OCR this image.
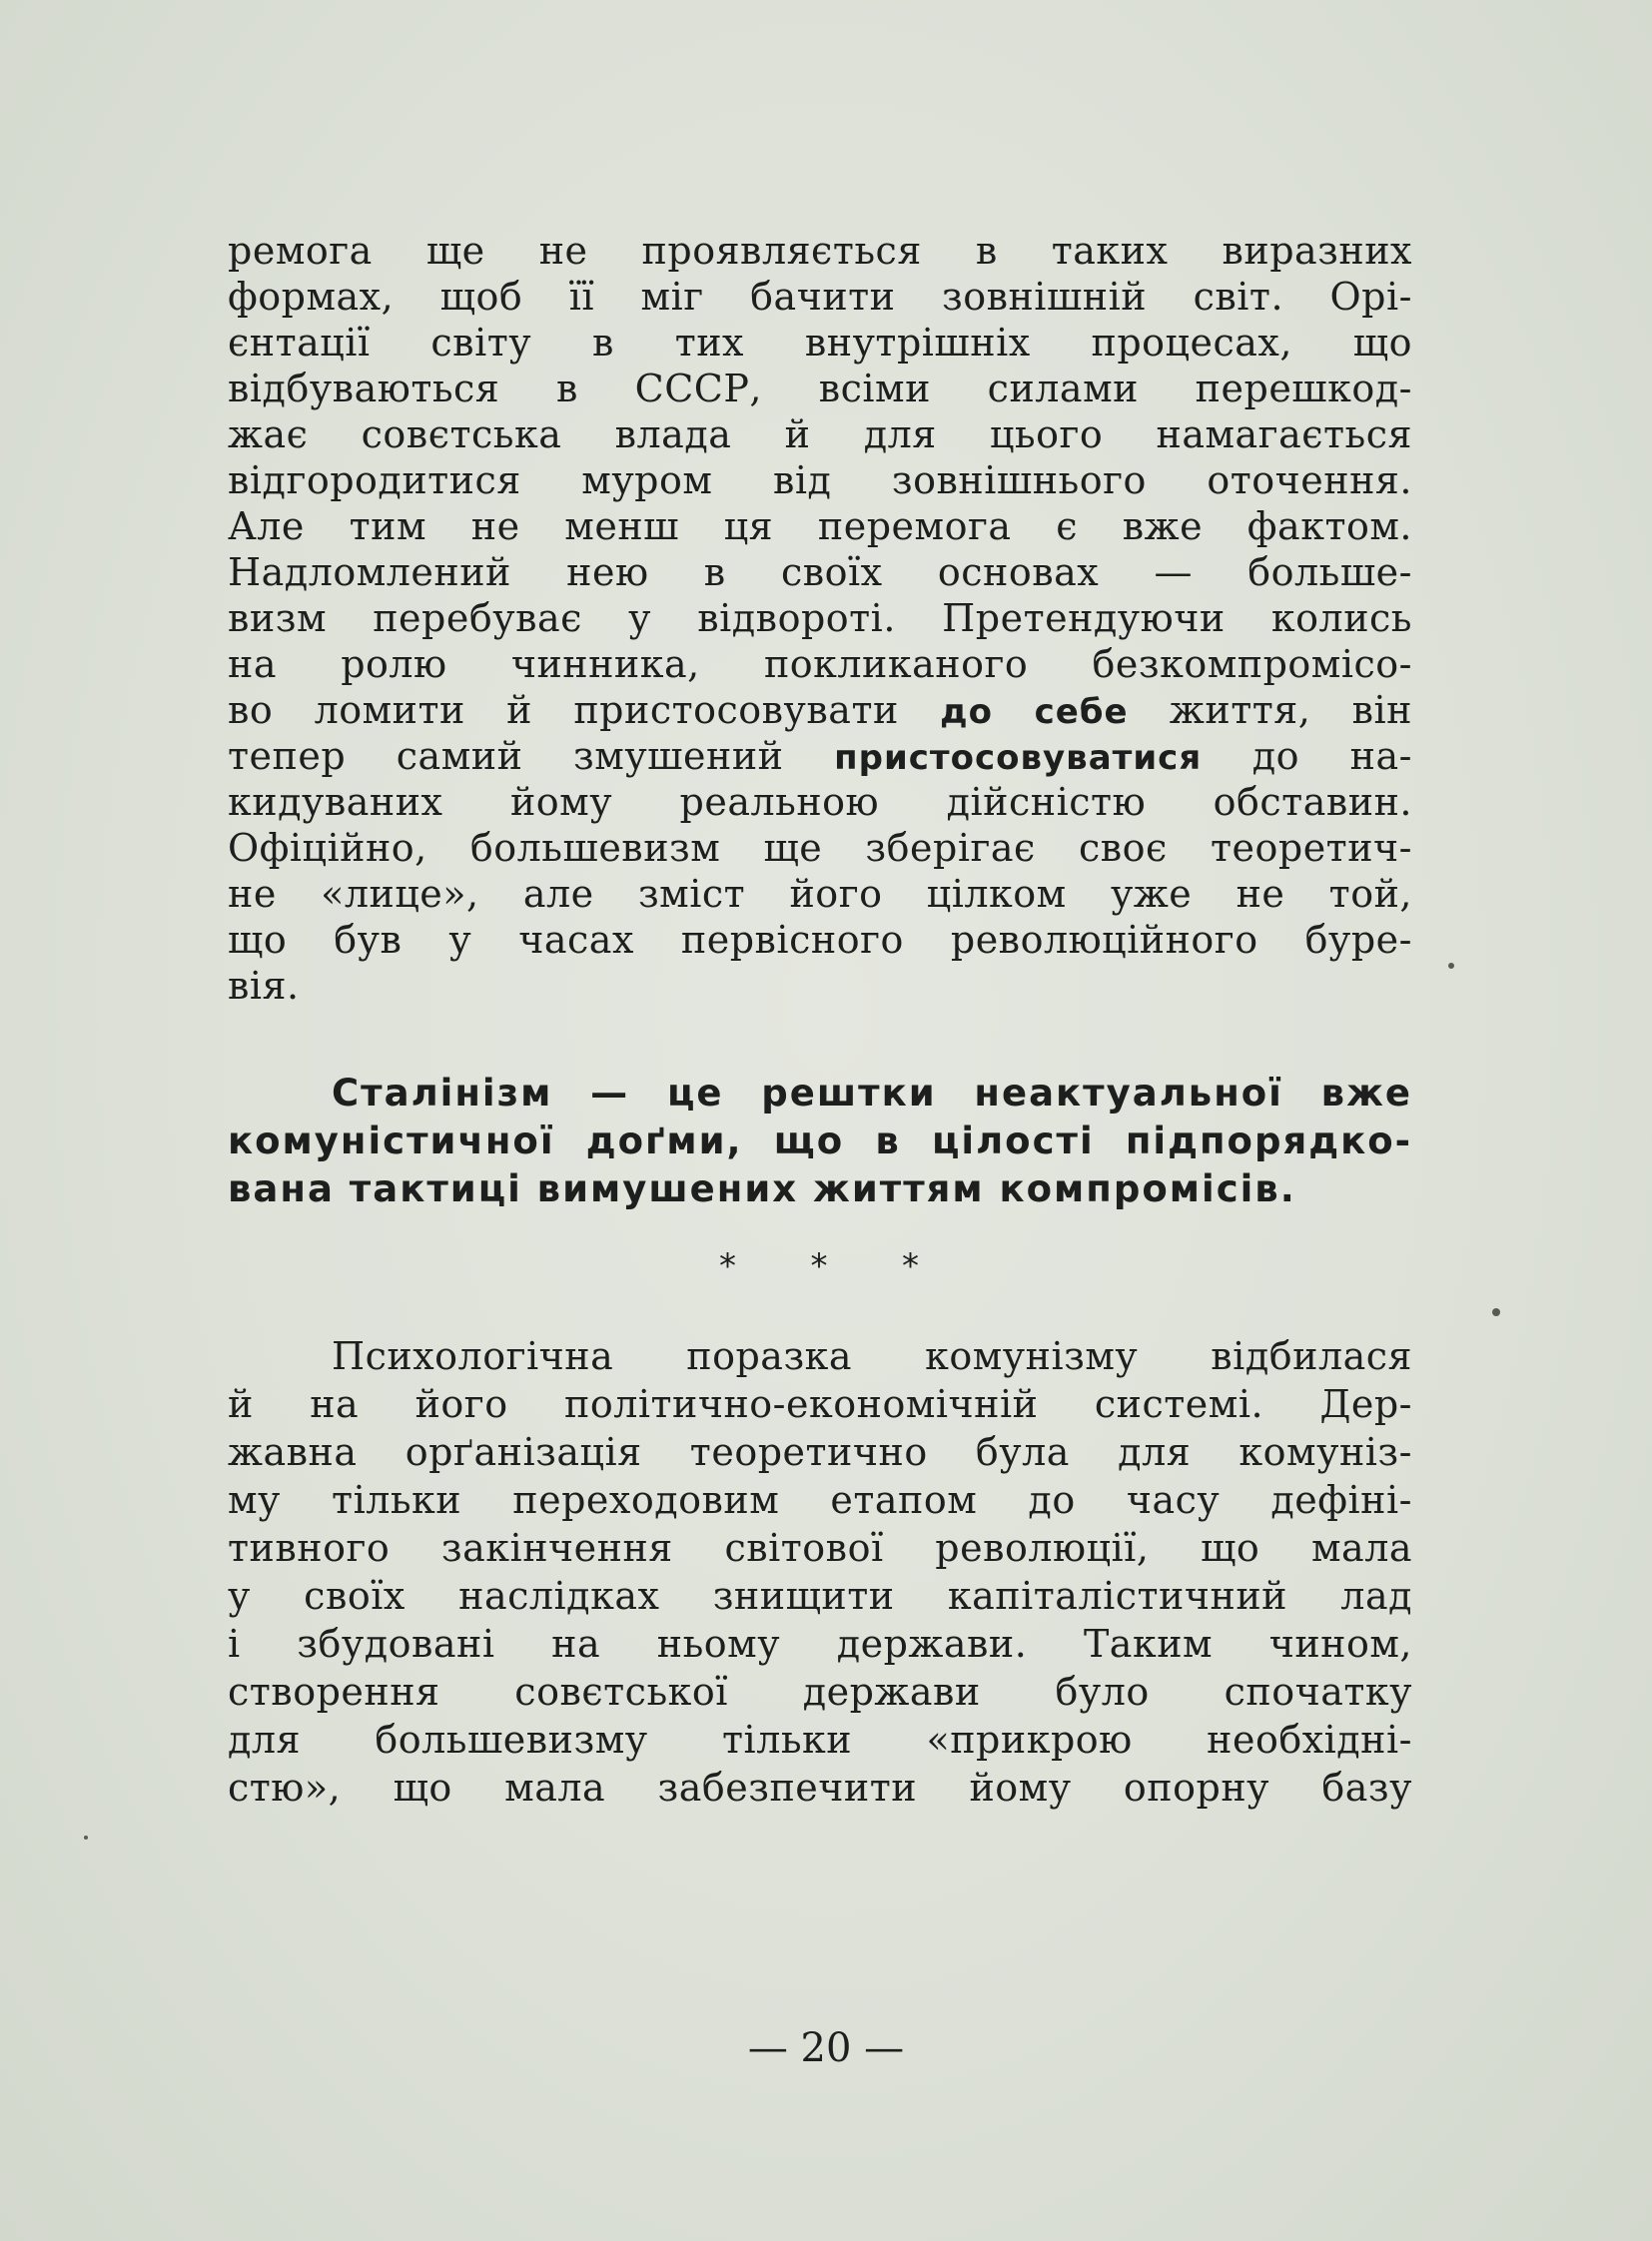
ремога ще не проявляється в таких виразних
формах, щоб її міг бачити зовнішній світ. Орі-
єнтації світу в тих внутрішніх процесах, що
відбуваються в СССР, всіми силами перешкод-
жає совєтська влада й для цього намагається
відгородитися муром від зовнішнього оточення.
Але тим не менш ця перемога є вже фактом.
Надломлений нею в своїх основах — больше-
визм перебуває у відвороті. Претендуючи колись
на ролю чинника, покликаного безкомпромісо-
во ломити й пристосовувати до себе життя, він
тепер самий змушений пристосовуватися до на-
кидуваних йому реальною дійсністю обставин.
Офіційно, большевизм ще зберігає своє теоретич-
не «лице», але зміст його цілком уже не той,
що був у часах первісного революційного буре-
вія.
Сталінізм — це рештки неактуальної вже
комуністичної доґми, що в цілості підпорядко-
вана тактиці вимушених життям компромісів.
* * *
Психологічна поразка комунізму відбилася
й на його політично-економічній системі. Дер-
жавна орґанізація теоретично була для комуніз-
му тільки переходовим етапом до часу дефіні-
тивного закінчення світової революції, що мала
у своїх наслідках знищити капіталістичний лад
і збудовані на ньому держави. Таким чином,
створення совєтської держави було спочатку
для большевизму тільки «прикрою необхідні-
стю», що мала забезпечити йому опорну базу
— 20 —
